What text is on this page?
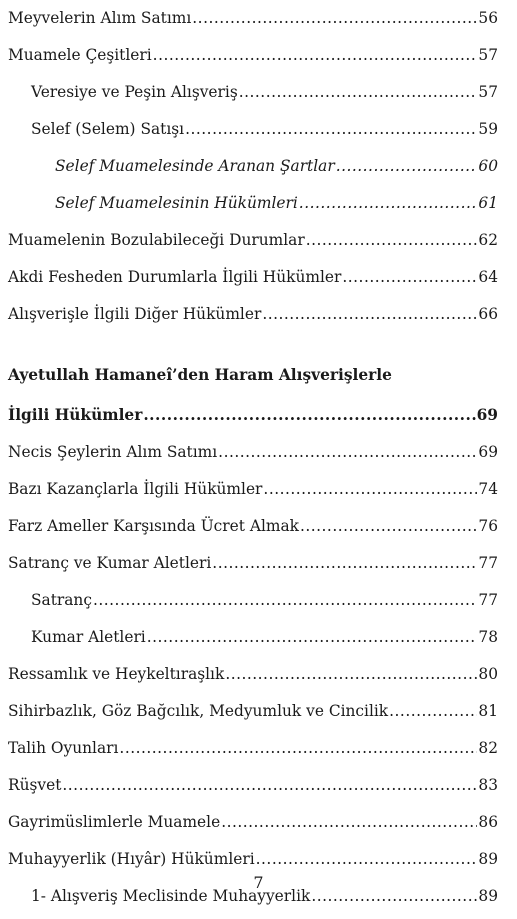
Meyvelerin Alım Satımı .....	56
Muamele Çeşitleri .....	57
Veresiye ve Peşin Alışveriş .....	57
Selef (Selem) Satışı .....	59
Selef Muamelesinde Aranan Şartlar .....	60
Selef Muamelesinin Hükümleri .....	61
Muamelenin Bozulabileceği Durumlar .....	62
Akdi Fesheden Durumlarla İlgili Hükümler .....	64
Alışverişle İlgili Diğer Hükümler .....	66
Ayetullah Hamaneî’den Haram Alışverişlerle
İlgili Hükümler .....	69
Necis Şeylerin Alım Satımı .....	69
Bazı Kazançlarla İlgili Hükümler .....	74
Farz Ameller Karşısında Ücret Almak .....	76
Satranç ve Kumar Aletleri .....	77
Satranç .....	77
Kumar Aletleri .....	78
Ressamlık ve Heykeltıraşlık .....	80
Sihirbazlık, Göz Bağcılık, Medyumluk ve Cincilik .....	81
Talih Oyunları .....	82
Rüşvet .....	83
Gayrimüslimlerle Muamele .....	86
Muhayyerlik (Hıyâr) Hükümleri .....	89
1- Alışveriş Meclisinde Muhayyerlik .....	89
7
